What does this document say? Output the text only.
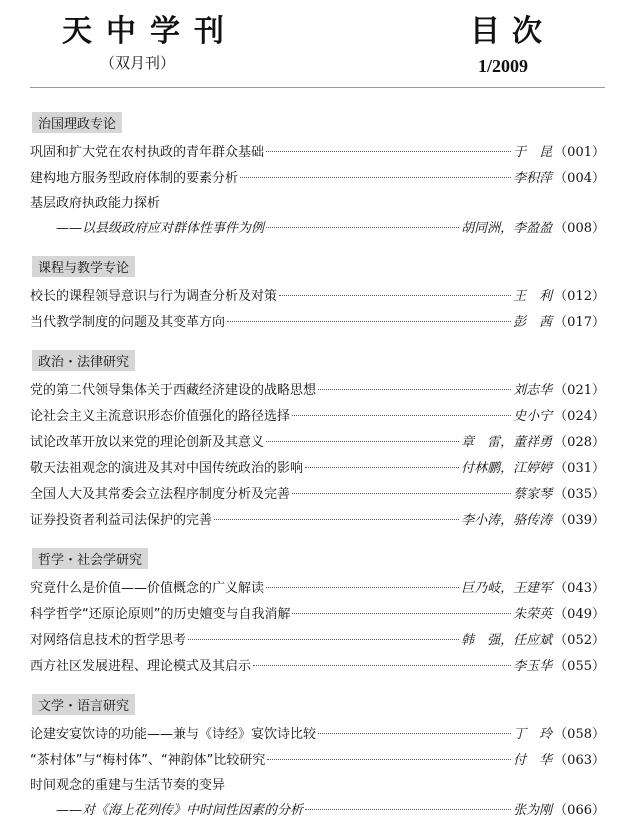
天中学刊
（双月刊）
目次
1/2009
治国理政专论
巩固和扩大党在农村执政的青年群众基础	于　昆 （001）
建构地方服务型政府体制的要素分析	李积萍 （004）
基层政府执政能力探析
——以县级政府应对群体性事件为例	胡同洲，李盈盈 （008）
课程与教学专论
校长的课程领导意识与行为调查分析及对策	王　利 （012）
当代教学制度的问题及其变革方向	彭　茜 （017）
政治・法律研究
党的第二代领导集体关于西藏经济建设的战略思想	刘志华 （021）
论社会主义主流意识形态价值强化的路径选择	史小宁 （024）
试论改革开放以来党的理论创新及其意义	章　雷，董祥勇 （028）
敬天法祖观念的演进及其对中国传统政治的影响	付林鹏，江婷婷 （031）
全国人大及其常委会立法程序制度分析及完善	蔡家琴 （035）
证券投资者利益司法保护的完善	李小涛，骆传涛 （039）
哲学・社会学研究
究竟什么是价值——价值概念的广义解读	巨乃岐，王建军 （043）
科学哲学“还原论原则”的历史嬗变与自我消解	朱荣英 （049）
对网络信息技术的哲学思考	韩　强，任应斌 （052）
西方社区发展进程、理论模式及其启示	李玉华 （055）
文学・语言研究
论建安宴饮诗的功能——兼与《诗经》宴饮诗比较	丁　玲 （058）
“茶村体”与“梅村体”、“神韵体”比较研究	付　华 （063）
时间观念的重建与生活节奏的变异
——对《海上花列传》中时间性因素的分析	张为刚 （066）
